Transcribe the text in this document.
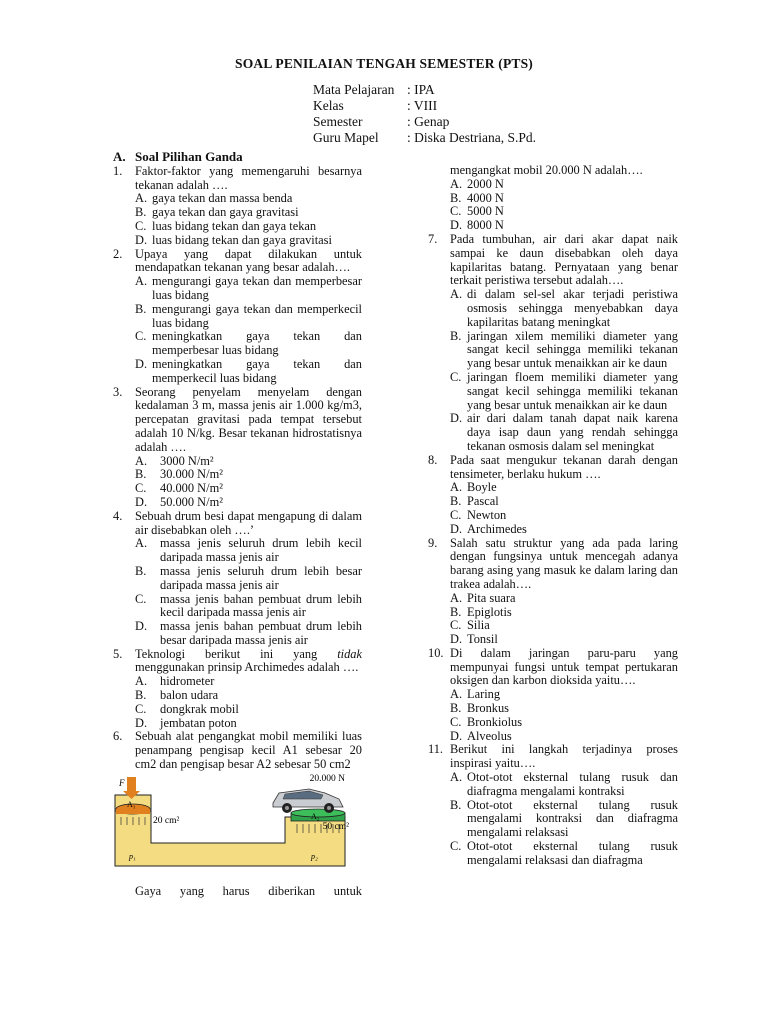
SOAL PENILAIAN TENGAH SEMESTER (PTS)
Mata Pelajaran : IPA
Kelas	: VIII
Semester	: Genap
Guru Mapel	: Diska Destriana, S.Pd.
A. Soal Pilihan Ganda
1.	Faktor-faktor yang memengaruhi besarnya tekanan adalah ….
A. gaya tekan dan massa benda
B. gaya tekan dan gaya gravitasi
C. luas bidang tekan dan gaya tekan
D. luas bidang tekan dan gaya gravitasi
2.	Upaya yang dapat dilakukan untuk mendapatkan tekanan yang besar adalah….
A. mengurangi gaya tekan dan memperbesar luas bidang
B. mengurangi gaya tekan dan memperkecil luas bidang
C. meningkatkan gaya tekan dan memperbesar luas bidang
D. meningkatkan gaya tekan dan memperkecil luas bidang
3.	Seorang penyelam menyelam dengan kedalaman 3 m, massa jenis air 1.000 kg/m3, percepatan gravitasi pada tempat tersebut adalah 10 N/kg. Besar tekanan hidrostatisnya adalah ….
A.	3000 N/m²
B.	30.000 N/m²
C.	40.000 N/m²
D.	50.000 N/m²
4.	Sebuah drum besi dapat mengapung di dalam air disebabkan oleh ….’
A.	massa jenis seluruh drum lebih kecil daripada massa jenis air
B.	massa jenis seluruh drum lebih besar daripada massa jenis air
C.	massa jenis bahan pembuat drum lebih kecil daripada massa jenis air
D.	massa jenis bahan pembuat drum lebih besar daripada massa jenis air
5.	Teknologi berikut ini yang tidak menggunakan prinsip Archimedes adalah ….
A.	hidrometer
B.	balon udara
C.	dongkrak mobil
D.	jembatan poton
6.	Sebuah alat pengangkat mobil memiliki luas penampang pengisap kecil A1 sebesar 20 cm2 dan pengisap besar A2 sebesar 50 cm2
F
A₁
A₂
20 cm²
50 cm²
20.000 N
p₁	p₂
Gaya yang harus diberikan untuk
mengangkat mobil 20.000 N adalah….
A. 2000 N
B. 4000 N
C. 5000 N
D. 8000 N
7.	Pada tumbuhan, air dari akar dapat naik sampai ke daun disebabkan oleh daya kapilaritas batang. Pernyataan yang benar terkait peristiwa tersebut adalah….
A. di dalam sel-sel akar terjadi peristiwa osmosis sehingga menyebabkan daya kapilaritas batang meningkat
B. jaringan xilem memiliki diameter yang sangat kecil sehingga memiliki tekanan yang besar untuk menaikkan air ke daun
C. jaringan floem memiliki diameter yang sangat kecil sehingga memiliki tekanan yang besar untuk menaikkan air ke daun
D. air dari dalam tanah dapat naik karena daya isap daun yang rendah sehingga tekanan osmosis dalam sel meningkat
8.	Pada saat mengukur tekanan darah dengan tensimeter, berlaku hukum ….
A. Boyle
B. Pascal
C. Newton
D. Archimedes
9.	Salah satu struktur yang ada pada laring dengan fungsinya untuk mencegah adanya barang asing yang masuk ke dalam laring dan trakea adalah….
A. Pita suara
B. Epiglotis
C. Silia
D. Tonsil
10. Di dalam jaringan paru-paru yang mempunyai fungsi untuk tempat pertukaran oksigen dan karbon dioksida yaitu….
A. Laring
B. Bronkus
C. Bronkiolus
D. Alveolus
11. Berikut ini langkah terjadinya proses inspirasi yaitu….
A. Otot-otot eksternal tulang rusuk dan diafragma mengalami kontraksi
B. Otot-otot eksternal tulang rusuk mengalami kontraksi dan diafragma mengalami relaksasi
C. Otot-otot eksternal tulang rusuk mengalami relaksasi dan diafragma
